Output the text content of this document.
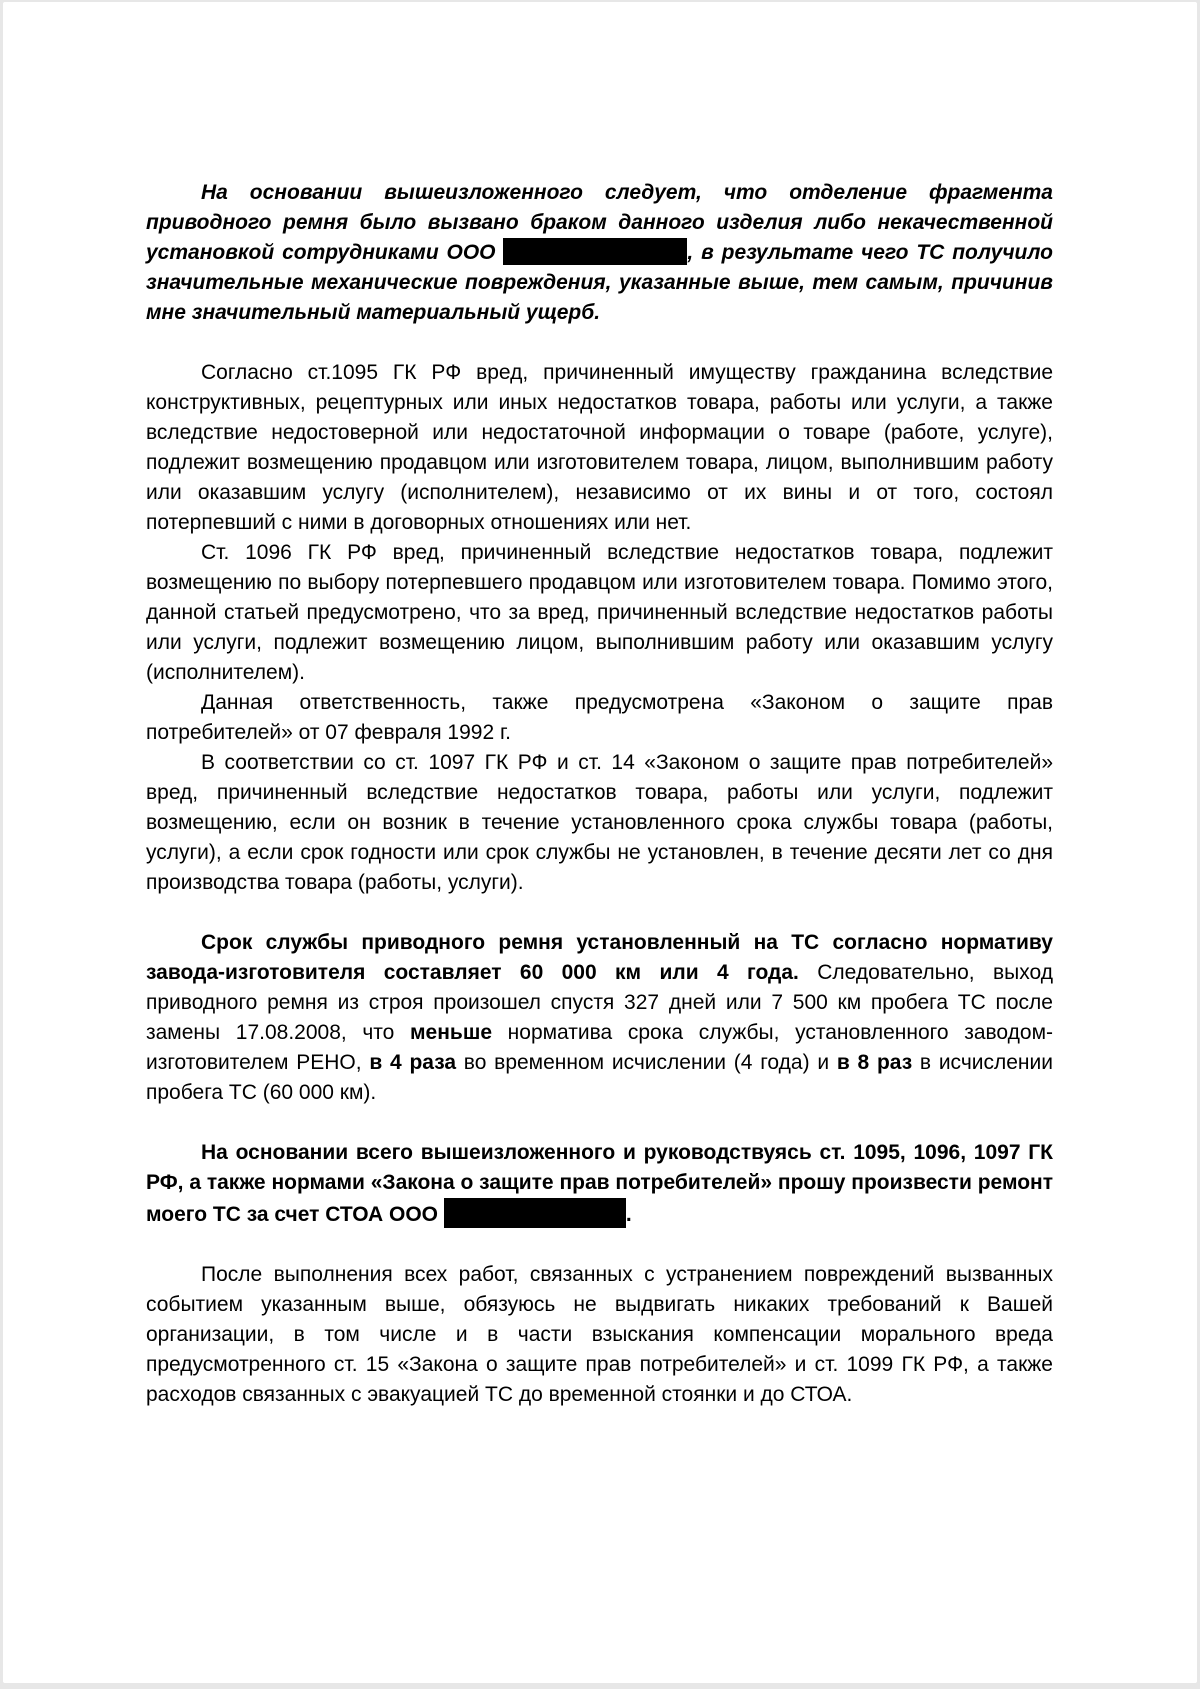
На основании вышеизложенного следует, что отделение фрагмента приводного ремня было вызвано браком данного изделия либо некачественной установкой сотрудниками ООО	, в результате чего ТС получило значительные механические повреждения, указанные выше, тем самым, причинив мне значительный материальный ущерб.

Согласно ст.1095 ГК РФ вред, причиненный имуществу гражданина вследствие конструктивных, рецептурных или иных недостатков товара, работы или услуги, а также вследствие недостоверной или недостаточной информации о товаре (работе, услуге), подлежит возмещению продавцом или изготовителем товара, лицом, выполнившим работу или оказавшим услугу (исполнителем), независимо от их вины и от того, состоял потерпевший с ними в договорных отношениях или нет.

Ст. 1096 ГК РФ вред, причиненный вследствие недостатков товара, подлежит возмещению по выбору потерпевшего продавцом или изготовителем товара. Помимо этого, данной статьей предусмотрено, что за вред, причиненный вследствие недостатков работы или услуги, подлежит возмещению лицом, выполнившим работу или оказавшим услугу (исполнителем).

Данная ответственность, также предусмотрена «Законом о защите прав потребителей» от 07 февраля 1992 г.

В соответствии со ст. 1097 ГК РФ и ст. 14 «Законом о защите прав потребителей» вред, причиненный вследствие недостатков товара, работы или услуги, подлежит возмещению, если он возник в течение установленного срока службы товара (работы, услуги), а если срок годности или срок службы не установлен, в течение десяти лет со дня производства товара (работы, услуги).

Срок службы приводного ремня установленный на ТС согласно нормативу завода-изготовителя составляет 60 000 км или 4 года. Следовательно, выход приводного ремня из строя произошел спустя 327 дней или 7 500 км пробега ТС после замены 17.08.2008, что меньше норматива срока службы, установленного заводом-изготовителем РЕНО, в 4 раза во временном исчислении (4 года) и в 8 раз в исчислении пробега ТС (60 000 км).

На основании всего вышеизложенного и руководствуясь ст. 1095, 1096, 1097 ГК РФ, а также нормами «Закона о защите прав потребителей» прошу произвести ремонт моего ТС за счет СТОА ООО	.

После выполнения всех работ, связанных с устранением повреждений вызванных событием указанным выше, обязуюсь не выдвигать никаких требований к Вашей организации, в том числе и в части взыскания компенсации морального вреда предусмотренного ст. 15 «Закона о защите прав потребителей» и ст. 1099 ГК РФ, а также расходов связанных с эвакуацией ТС до временной стоянки и до СТОА.
